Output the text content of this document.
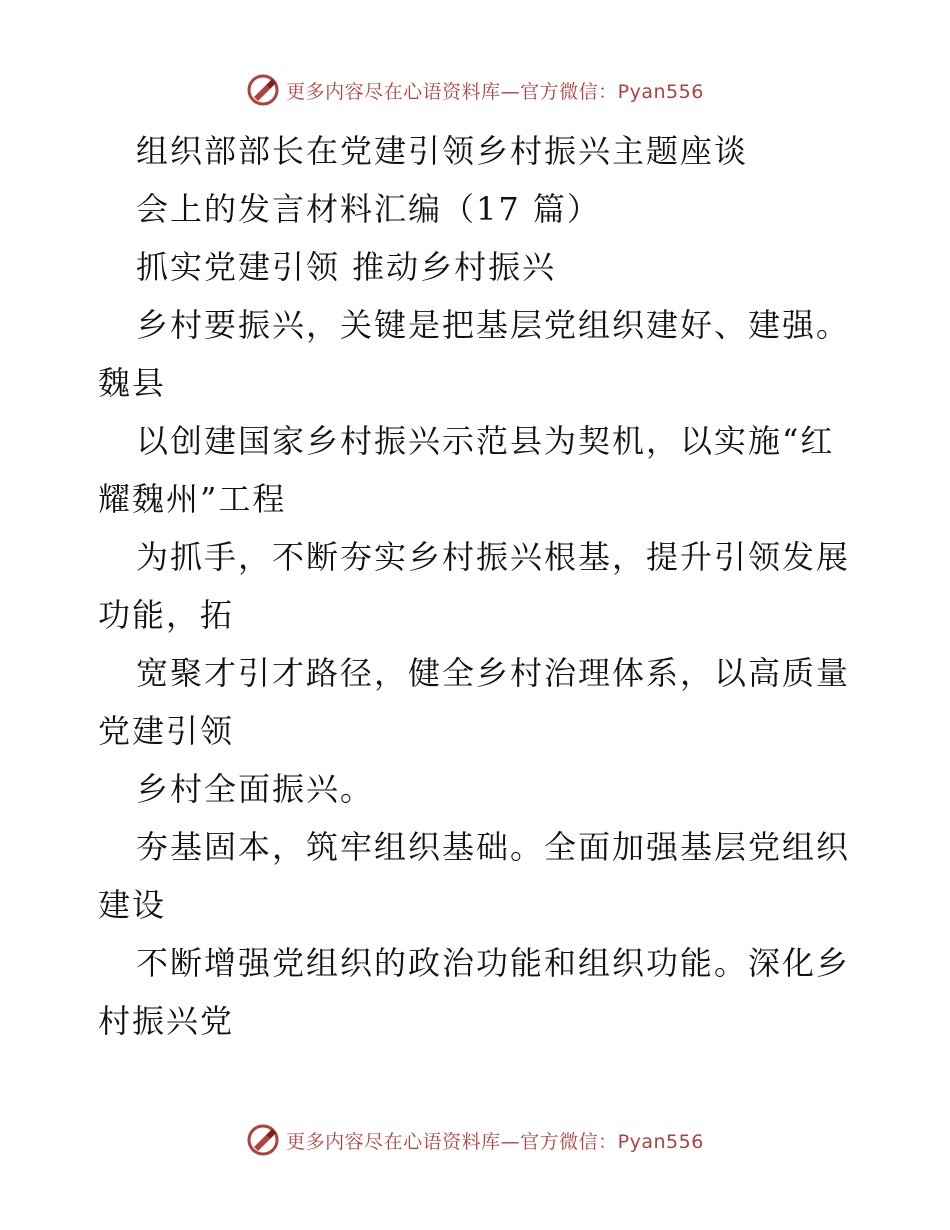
更多内容尽在心语资料库—官方微信：Pyan556
组织部部长在党建引领乡村振兴主题座谈
会上的发言材料汇编（17 篇）
抓实党建引领 推动乡村振兴
乡村要振兴，关键是把基层党组织建好、建强。
魏县
以创建国家乡村振兴示范县为契机，以实施“红
耀魏州”工程
为抓手，不断夯实乡村振兴根基，提升引领发展
功能，拓
宽聚才引才路径，健全乡村治理体系，以高质量
党建引领
乡村全面振兴。
夯基固本，筑牢组织基础。全面加强基层党组织
建设
不断增强党组织的政治功能和组织功能。深化乡
村振兴党
更多内容尽在心语资料库—官方微信：Pyan556
